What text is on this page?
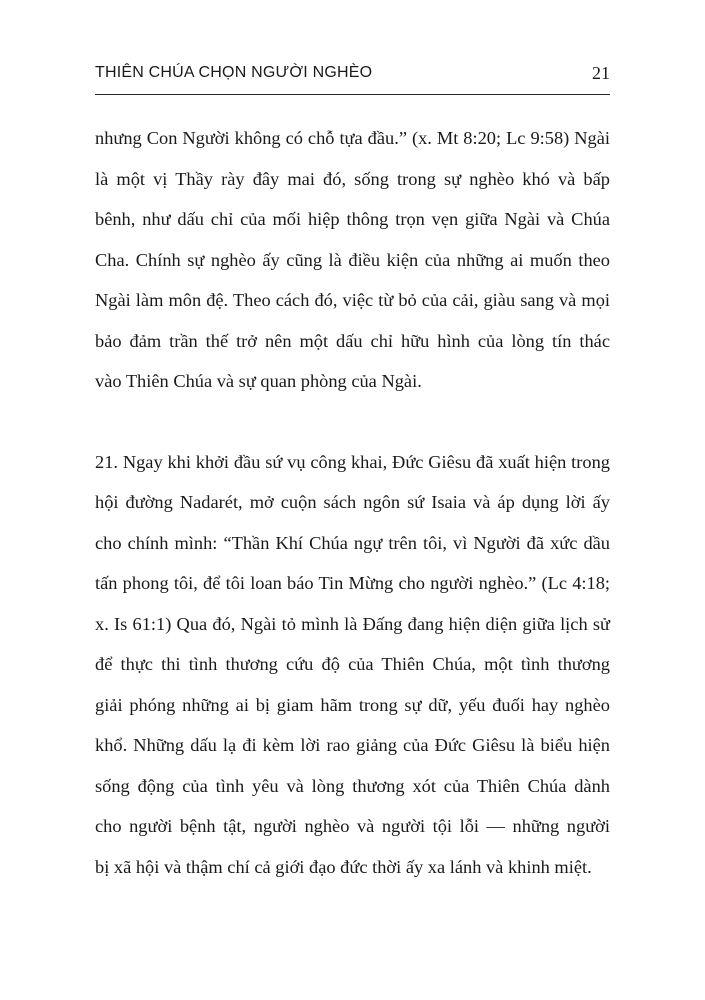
THIÊN CHÚA CHỌN NGƯỜI NGHÈO	21
nhưng Con Người không có chỗ tựa đầu.” (x. Mt 8:20; Lc 9:58) Ngài
là một vị Thầy rày đây mai đó, sống trong sự nghèo khó và bấp
bênh, như dấu chỉ của mối hiệp thông trọn vẹn giữa Ngài và Chúa
Cha. Chính sự nghèo ấy cũng là điều kiện của những ai muốn theo
Ngài làm môn đệ. Theo cách đó, việc từ bỏ của cải, giàu sang và mọi
bảo đảm trần thế trở nên một dấu chỉ hữu hình của lòng tín thác
vào Thiên Chúa và sự quan phòng của Ngài.
21. Ngay khi khởi đầu sứ vụ công khai, Đức Giêsu đã xuất hiện trong
hội đường Nadarét, mở cuộn sách ngôn sứ Isaia và áp dụng lời ấy
cho chính mình: “Thần Khí Chúa ngự trên tôi, vì Người đã xức dầu
tấn phong tôi, để tôi loan báo Tin Mừng cho người nghèo.” (Lc 4:18;
x. Is 61:1) Qua đó, Ngài tỏ mình là Đấng đang hiện diện giữa lịch sử
để thực thi tình thương cứu độ của Thiên Chúa, một tình thương
giải phóng những ai bị giam hãm trong sự dữ, yếu đuối hay nghèo
khổ. Những dấu lạ đi kèm lời rao giảng của Đức Giêsu là biểu hiện
sống động của tình yêu và lòng thương xót của Thiên Chúa dành
cho người bệnh tật, người nghèo và người tội lỗi — những người
bị xã hội và thậm chí cả giới đạo đức thời ấy xa lánh và khinh miệt.
